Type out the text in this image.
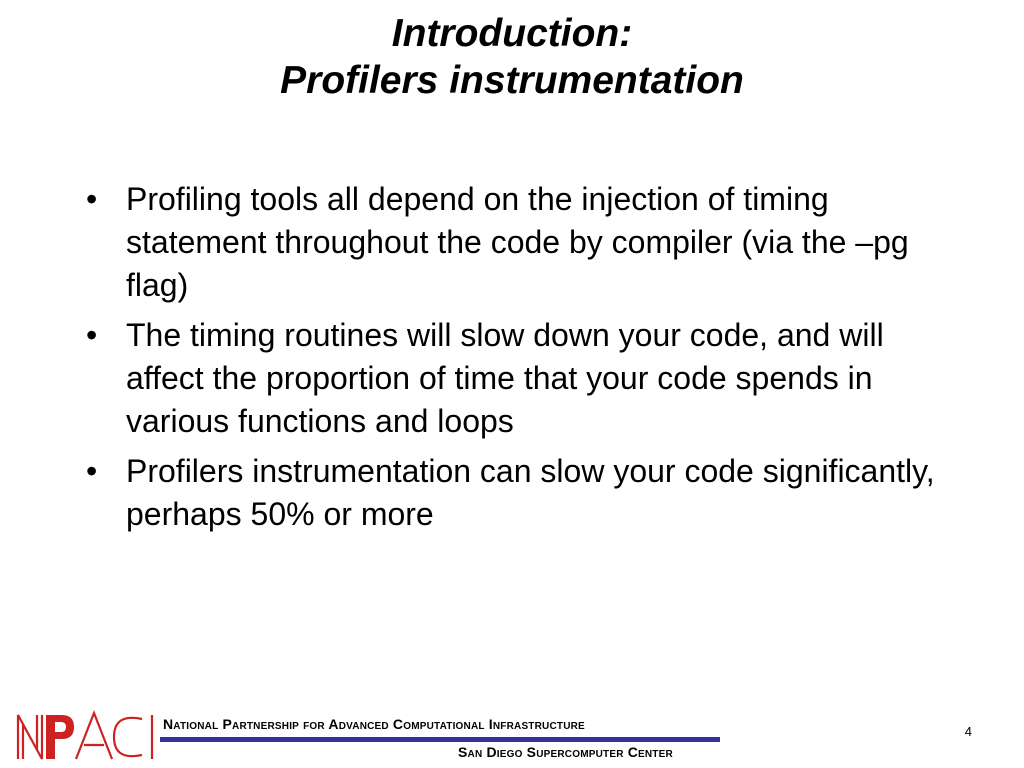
Introduction:
Profilers instrumentation
• Profiling tools all depend on the injection of timing statement throughout the code by compiler (via the –pg flag)
• The timing routines will slow down your code, and will affect the proportion of time that your code spends in various functions and loops
• Profilers instrumentation can slow your code significantly, perhaps 50% or more
National Partnership for Advanced Computational Infrastructure
San Diego Supercomputer Center
4
